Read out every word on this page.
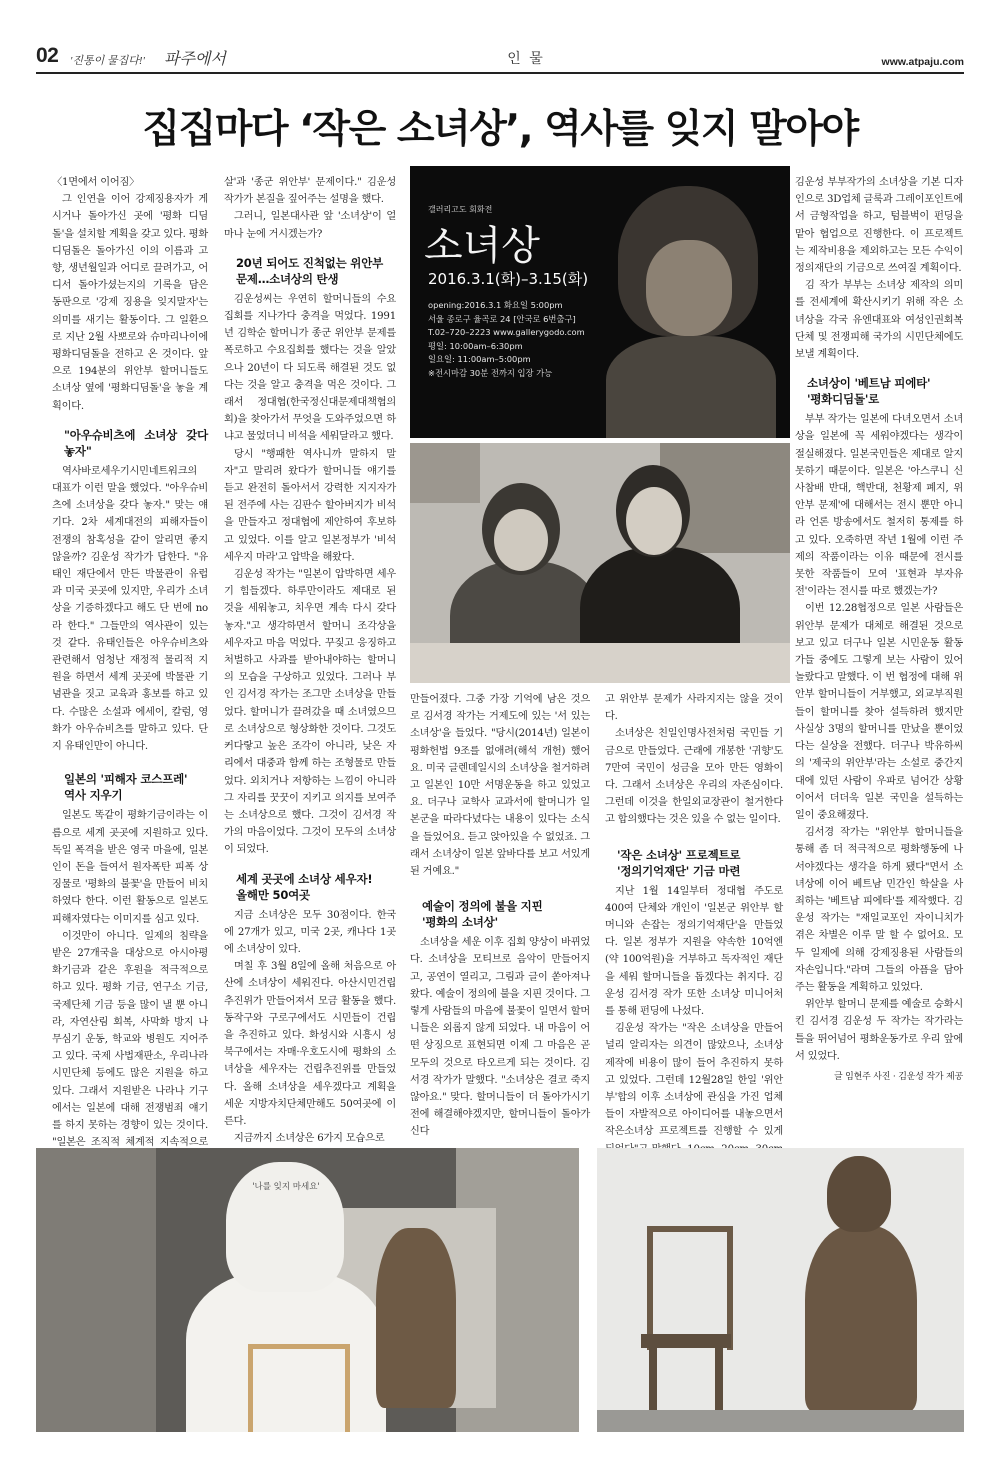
02 '진통이 물집다!' 파주에서	인 물	www.atpaju.com
집집마다 ‘작은 소녀상’, 역사를 잊지 말아야

〈1면에서 이어짐〉

그 인연을 이어 강제징용자가 게시거나 돌아가신 곳에 '평화 디딤돌'을 설치할 계획을 갖고 있다. 평화디딤돌은 돌아가신 이의 이름과 고향, 생년월일과 어디로 끌려가고, 어디서 돌아가셨는지의 기록을 담은 동판으로 '강제 징용을 잊지말자'는 의미를 새기는 활동이다. 그 일환으로 지난 2월 사뽀로와 슈마리나이에 평화디딤돌을 전하고 온 것이다. 앞으로 194분의 위안부 할머니들도 소녀상 옆에 '평화디딤돌'을 놓을 계획이다.

"아우슈비츠에 소녀상 갖다 놓자"

역사바로세우기시민네트워크의 대표가 이런 말을 했었다. "아우슈비츠에 소녀상을 갖다 놓자." 맞는 얘기다. 2차 세계대전의 피해자들이 전쟁의 참혹성을 같이 알리면 좋지 않을까? 김운성 작가가 답한다. "유태인 재단에서 만든 박물관이 유럽과 미국 곳곳에 있지만, 우리가 소녀상을 기증하겠다고 해도 단 번에 no라 한다." 그들만의 역사관이 있는 것 같다. 유태인들은 아우슈비츠와 관련해서 엄청난 재정적 물리적 지원을 하면서 세계 곳곳에 박물관 기념관을 짓고 교육과 홍보를 하고 있다. 수많은 소설과 에세이, 칼럼, 영화가 아우슈비츠를 말하고 있다. 단지 유태인만이 아니다.

일본의 '피해자 코스프레'
역사 지우기

일본도 똑같이 평화기금이라는 이름으로 세계 곳곳에 지원하고 있다. 독일 폭격을 받은 영국 마을에, 일본인이 돈을 들여서 원자폭탄 피폭 상징물로 '평화의 불꽃'을 만들어 비치하였다 한다. 이런 활동으로 일본도 피해자였다는 이미지를 심고 있다.

이것만이 아니다. 일제의 침략을 받은 27개국을 대상으로 아시아평화기금과 같은 후원을 적극적으로 하고 있다. 평화 기금, 연구소 기금, 국제단체 기금 등을 많이 낼 뿐 아니라, 자연산림 회복, 사막화 방지 나무심기 운동, 학교와 병원도 지어주고 있다. 국제 사법재판소, 우리나라 시민단체 등에도 많은 지원을 하고 있다. 그래서 지원받은 나라나 기구에서는 일본에 대해 전쟁범죄 얘기를 하지 못하는 경향이 있는 것이다. "일본은 조직적 체계적 지속적으로

살'과 '종군 위안부' 문제이다." 김운성 작가가 본질을 짚어주는 설명을 했다.

그러니, 일본대사관 앞 '소녀상'이 얼마나 눈에 거시겠는가?

20년 되어도 진척없는 위안부
문제…소녀상의 탄생

김운성씨는 우연히 할머니들의 수요집회를 지나가다 충격을 먹었다. 1991년 김학순 할머니가 종군 위안부 문제를 폭로하고 수요집회를 했다는 것을 알았으나 20년이 다 되도록 해결된 것도 없다는 것을 알고 충격을 먹은 것이다. 그래서 정대협(한국정신대문제대책협의회)을 찾아가서 무엇을 도와주었으면 하냐고 물었더니 비석을 세워달라고 했다.

당시 "행패한 역사니까 말하지 말자"고 말리려 왔다가 할머니들 얘기를 듣고 완전히 돌아서서 강력한 지지자가 된 전주에 사는 김판수 할아버지가 비석을 만들자고 정대협에 제안하여 후보하고 있었다. 이를 알고 일본정부가 '비석 세우지 마라'고 압박을 해왔다.

김운성 작가는 "일본이 압박하면 세우기 힘들겠다. 하루만이라도 제대로 된 것을 세워놓고, 치우면 계속 다시 갖다놓자."고 생각하면서 할머니 조각상을 세우자고 마음 먹었다. 꾸짖고 응징하고 처벌하고 사과를 받아내야하는 할머니의 모습을 구상하고 있었다. 그러나 부인 김서경 작가는 조그만 소녀상을 만들었다. 할머니가 끌려갔을 때 소녀였으므로 소녀상으로 형상화한 것이다. 그것도 커다랗고 높은 조각이 아니라, 낮은 자리에서 대중과 함께 하는 조형물로 만들었다. 외치거나 저항하는 느낌이 아니라 그 자리를 꿋꿋이 지키고 의지를 보여주는 소녀상으로 했다. 그것이 김서경 작가의 마음이었다. 그것이 모두의 소녀상이 되었다.

세계 곳곳에 소녀상 세우자!
올해만 50여곳

지금 소녀상은 모두 30점이다. 한국에 27개가 있고, 미국 2곳, 캐나다 1곳에 소녀상이 있다.

며칠 후 3월 8일에 올해 처음으로 아산에 소녀상이 세워진다. 아산시민건립추진위가 만들어져서 모금 활동을 했다. 동작구와 구로구에서도 시민들이 건립을 추진하고 있다. 화성시와 시흥시 성북구에서는 자매·우호도시에 평화의 소녀상을 세우자는 건립추진위를 만들었다. 올해 소녀상을 세우겠다고 계획을 세운 지방자치단체만해도 50여곳에 이른다.

지금까지 소녀상은 6가지 모습으로

갤러리고도 회화전
소녀상
2016.3.1(화)–3.15(화)
opening:2016.3.1 화요일 5:00pm
서울 종로구 율곡로 24 [안국로 6번출구]
T.02–720–2223 www.gallerygodo.com
평일: 10:00am–6:30pm
일요일: 11:00am–5:00pm
※전시마감 30분 전까지 입장 가능

만들어졌다. 그중 가장 기억에 남은 것으로 김서경 작가는 거제도에 있는 '서 있는 소녀상'을 들었다. "당시(2014년) 일본이 평화헌법 9조를 없애려(해석 개헌) 했어요. 미국 글렌데일시의 소녀상을 철거하려고 일본인 10만 서명운동을 하고 있었고요. 더구나 교학사 교과서에 할머니가 일본군을 따라다녔다는 내용이 있다는 소식을 들었어요. 듣고 앉아있을 수 없었죠. 그래서 소녀상이 일본 앞바다를 보고 서있게 된 거예요."

예술이 정의에 불을 지핀
'평화의 소녀상'

소녀상을 세운 이후 집회 양상이 바뀌었다. 소녀상을 모티브로 음악이 만들어지고, 공연이 열리고, 그림과 글이 쏟아져나왔다. 예술이 정의에 불을 지핀 것이다. 그렇게 사람들의 마음에 불꽃이 일면서 할머니들은 외롭지 않게 되었다. 내 마음이 어떤 상징으로 표현되면 이제 그 마음은 곧 모두의 것으로 타오르게 되는 것이다. 김서경 작가가 말했다. "소녀상은 결코 죽지 않아요." 맞다. 할머니들이 더 돌아가시기 전에 해결해야겠지만, 할머니들이 돌아가신다

고 위안부 문제가 사라지지는 않을 것이다.

소녀상은 친일인명사전처럼 국민들 기금으로 만들었다. 근래에 개봉한 '귀향'도 7만여 국민이 성금을 모아 만든 영화이다. 그래서 소녀상은 우리의 자존심이다. 그런데 이것을 한일외교장관이 철거한다고 합의했다는 것은 있을 수 없는 일이다.

'작은 소녀상' 프로젝트로
'정의기억재단' 기금 마련

지난 1월 14일부터 정대협 주도로 400여 단체와 개인이 '일본군 위안부 할머니와 손잡는 정의기억재단'을 만들었다. 일본 정부가 지원을 약속한 10억엔(약 100억원)을 거부하고 독자적인 재단을 세워 할머니들을 돕겠다는 취지다. 김운성 김서경 작가 또한 소녀상 미니어처를 통해 펀딩에 나섰다.

김운성 작가는 "작은 소녀상을 만들어 널리 알리자는 의견이 많았으나, 소녀상 제작에 비용이 많이 들어 추진하지 못하고 있었다. 그런데 12월28일 한일 '위안부'합의 이후 소녀상에 관심을 가진 업체들이 자발적으로 아이디어를 내놓으면서 작은소녀상 프로젝트를 진행할 수 있게

김운성 부부작가의 소녀상을 기본 디자인으로 3D업체 글룩과 그레이포인트에서 금형작업을 하고, 텀블벅이 펀딩을 맡아 협업으로 진행한다. 이 프로젝트는 제작비용을 제외하고는 모든 수익이 정의재단의 기금으로 쓰여질 계획이다.

김 작가 부부는 소녀상 제작의 의미를 전세계에 확산시키기 위해 작은 소녀상을 각국 유엔대표와 여성인권회복단체 및 전쟁피해 국가의 시민단체에도 보낼 계획이다.

소녀상이 '베트남 피에타'
'평화디딤돌'로

부부 작가는 일본에 다녀오면서 소녀상을 일본에 꼭 세워야겠다는 생각이 절실해졌다. 일본국민들은 제대로 알지 못하기 때문이다. 일본은 '아스쿠니 신사참배 반대, 핵반대, 천황제 폐지, 위안부 문제'에 대해서는 전시 뿐만 아니라 언론 방송에서도 철저히 통제를 하고 있다. 오죽하면 작년 1월에 이런 주제의 작품이라는 이유 때문에 전시를 못한 작품들이 모여 '표현과 부자유전'이라는 전시를 따로 했겠는가?

이번 12.28협정으로 일본 사람들은 위안부 문제가 대체로 해결된 것으로 보고 있고 더구나 일본 시민운동 활동가들 중에도 그렇게 보는 사람이 있어 놀랐다고 말했다. 이 번 협정에 대해 위안부 할머니들이 거부했고, 외교부직원들이 할머니를 찾아 설득하려 했지만 사실상 3명의 할머니를 만났을 뿐이었다는 실상을 전했다. 더구나 박유하씨의 '제국의 위안부'라는 소설로 중간지대에 있던 사람이 우파로 넘어간 상황이어서 더더욱 일본 국민을 설득하는 일이 중요해졌다.

김서경 작가는 "위안부 할머니들을 통해 좀 더 적극적으로 평화행동에 나서야겠다는 생각을 하게 됐다"면서 소녀상에 이어 베트남 민간인 학살을 사죄하는 '베트남 피에타'를 제작했다. 김운성 작가는 "재일교포인 자이니치가 겪은 차별은 이루 말 할 수 없어요. 모두 일제에 의해 강제징용된 사람들의 자손입니다."라며 그들의 아픔을 담아주는 활동을 계획하고 있었다.

위안부 할머니 문제를 예술로 승화시킨 김서경 김운성 두 작가는 작가라는 틀을 뛰어넘어 평화운동가로 우리 앞에 서 있었다.

글 임현주 사진 · 김운성 작가 제공
'나를 잊지 마세요'
